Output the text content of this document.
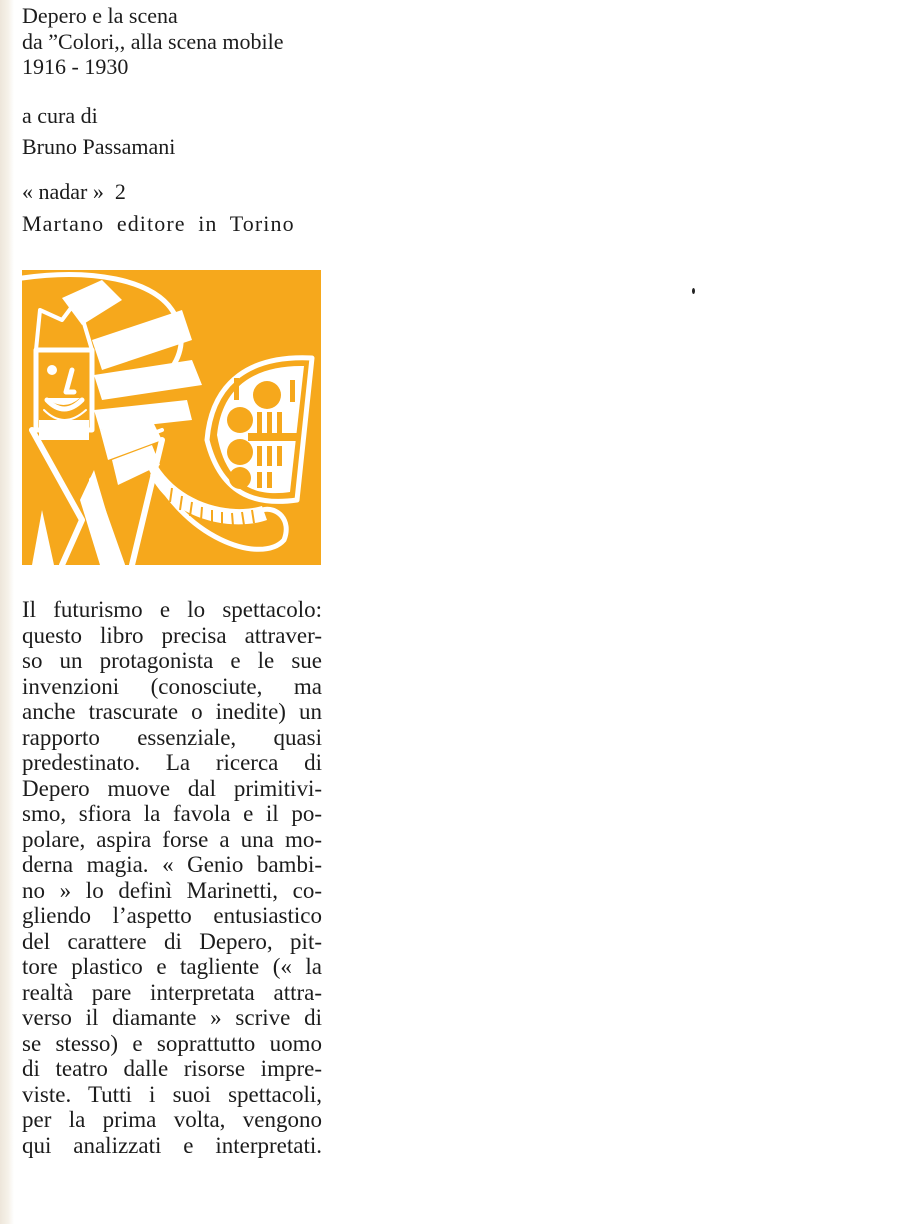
Depero e la scena
da ”Colori,, alla scena mobile
1916 - 1930
a cura di
Bruno Passamani
« nadar »  2
Martano editore in Torino
Il futurismo e lo spettacolo:
questo libro precisa attraver-
so un protagonista e le sue
invenzioni (conosciute, ma
anche trascurate o inedite) un
rapporto essenziale, quasi
predestinato. La ricerca di
Depero muove dal primitivi-
smo, sfiora la favola e il po-
polare, aspira forse a una mo-
derna magia. « Genio bambi-
no » lo definì Marinetti, co-
gliendo l’aspetto entusiastico
del carattere di Depero, pit-
tore plastico e tagliente (« la
realtà pare interpretata attra-
verso il diamante » scrive di
se stesso) e soprattutto uomo
di teatro dalle risorse impre-
viste. Tutti i suoi spettacoli,
per la prima volta, vengono
qui analizzati e interpretati.
